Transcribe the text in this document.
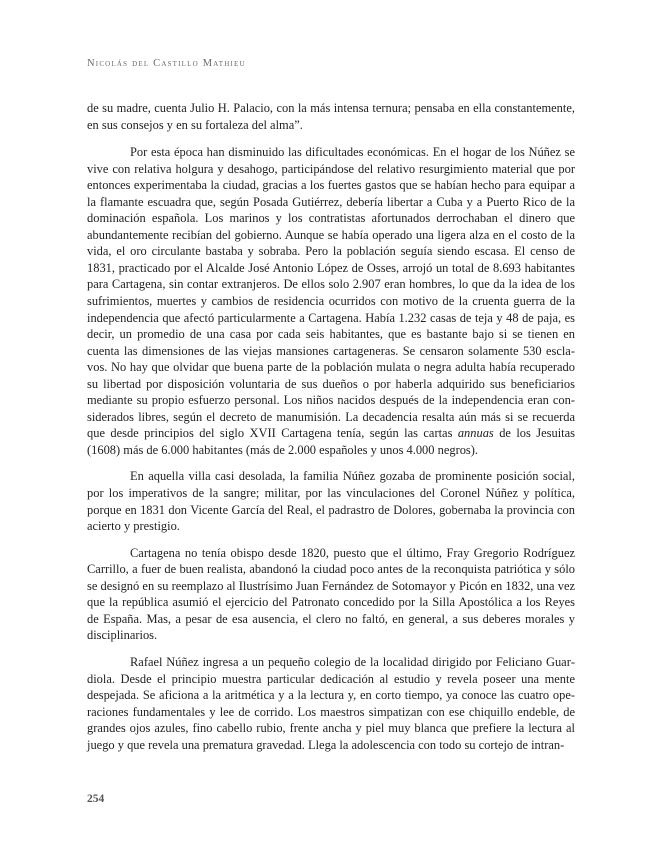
Nicolás del Castillo Mathieu

de su madre, cuenta Julio H. Palacio, con la más intensa ternura; pensaba en ella constantemente, en sus consejos y en su fortaleza del alma”.

Por esta época han disminuido las dificultades económicas. En el hogar de los Núñez se vive con relativa holgura y desahogo, participándose del relativo resurgimiento material que por entonces experimentaba la ciudad, gracias a los fuertes gastos que se habían hecho para equipar a la flamante escuadra que, según Posada Gutiérrez, debería libertar a Cuba y a Puerto Rico de la dominación española. Los marinos y los contratistas afortunados derrochaban el dinero que abundantemente recibían del gobierno. Aunque se había operado una ligera alza en el costo de la vida, el oro circulante bastaba y sobraba. Pero la población seguía siendo escasa. El censo de 1831, practicado por el Alcalde José Antonio López de Osses, arrojó un total de 8.693 habitantes para Cartagena, sin contar extranjeros. De ellos solo 2.907 eran hombres, lo que da la idea de los sufrimientos, muertes y cambios de residencia ocurridos con motivo de la cruenta guerra de la independencia que afectó particularmente a Cartagena. Había 1.232 casas de teja y 48 de paja, es decir, un promedio de una casa por cada seis habitantes, que es bastante bajo si se tienen en cuenta las dimensiones de las viejas mansiones cartageneras. Se censaron solamente 530 esclavos. No hay que olvidar que buena parte de la población mulata o negra adulta había recuperado su libertad por disposición voluntaria de sus dueños o por haberla adquirido sus beneficiarios mediante su propio esfuerzo personal. Los niños nacidos después de la independencia eran considerados libres, según el decreto de manumisión. La decadencia resalta aún más si se recuerda que desde principios del siglo XVII Cartagena tenía, según las cartas annuas de los Jesuitas (1608) más de 6.000 habitantes (más de 2.000 españoles y unos 4.000 negros).

En aquella villa casi desolada, la familia Núñez gozaba de prominente posición social, por los imperativos de la sangre; militar, por las vinculaciones del Coronel Núñez y política, porque en 1831 don Vicente García del Real, el padrastro de Dolores, gobernaba la provincia con acierto y prestigio.

Cartagena no tenía obispo desde 1820, puesto que el último, Fray Gregorio Rodríguez Carrillo, a fuer de buen realista, abandonó la ciudad poco antes de la reconquista patriótica y sólo se designó en su reemplazo al Ilustrísimo Juan Fernández de Sotomayor y Picón en 1832, una vez que la república asumió el ejercicio del Patronato concedido por la Silla Apostólica a los Reyes de España. Mas, a pesar de esa ausencia, el clero no faltó, en general, a sus deberes morales y disciplinarios.

Rafael Núñez ingresa a un pequeño colegio de la localidad dirigido por Feliciano Guardiola. Desde el principio muestra particular dedicación al estudio y revela poseer una mente despejada. Se aficiona a la aritmética y a la lectura y, en corto tiempo, ya conoce las cuatro operaciones fundamentales y lee de corrido. Los maestros simpatizan con ese chiquillo endeble, de grandes ojos azules, fino cabello rubio, frente ancha y piel muy blanca que prefiere la lectura al juego y que revela una prematura gravedad. Llega la adolescencia con todo su cortejo de intran-

254
